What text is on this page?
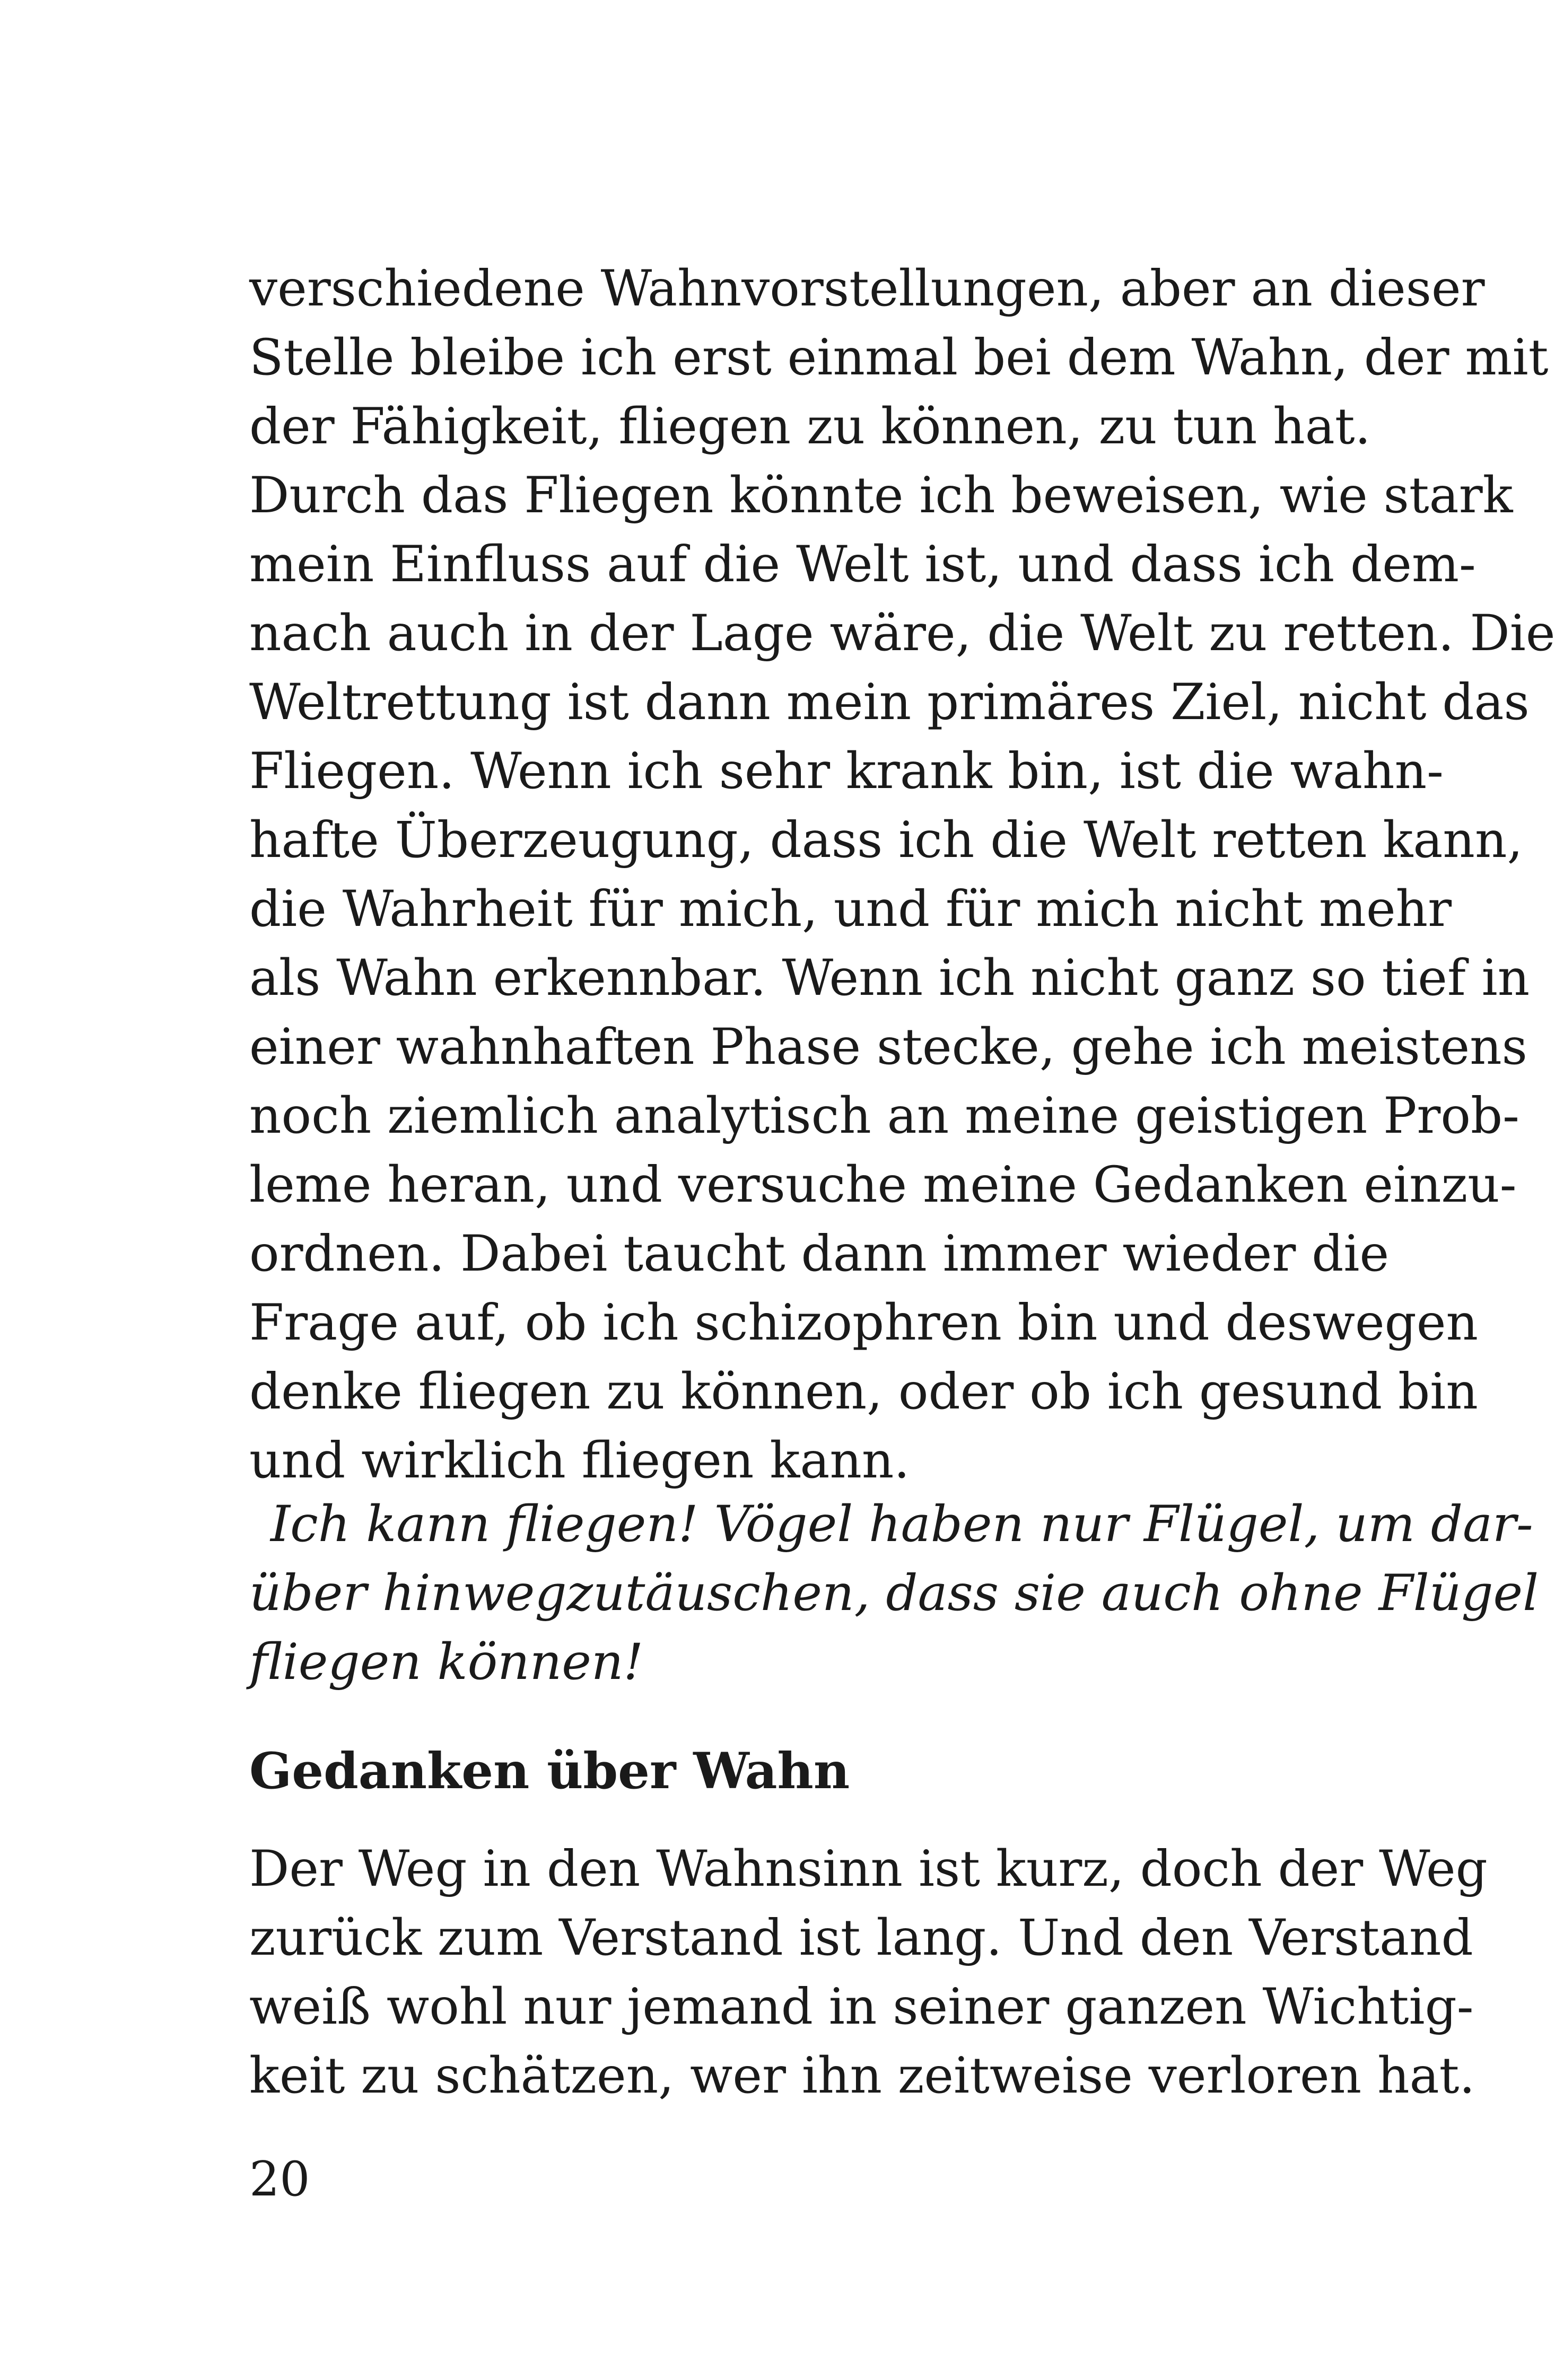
verschiedene Wahnvorstellungen, aber an dieser
Stelle bleibe ich erst einmal bei dem Wahn, der mit
der Fähigkeit, fliegen zu können, zu tun hat.
Durch das Fliegen könnte ich beweisen, wie stark
mein Einfluss auf die Welt ist, und dass ich dem-
nach auch in der Lage wäre, die Welt zu retten. Die
Weltrettung ist dann mein primäres Ziel, nicht das
Fliegen. Wenn ich sehr krank bin, ist die wahn-
hafte Überzeugung, dass ich die Welt retten kann,
die Wahrheit für mich, und für mich nicht mehr
als Wahn erkennbar. Wenn ich nicht ganz so tief in
einer wahnhaften Phase stecke, gehe ich meistens
noch ziemlich analytisch an meine geistigen Prob-
leme heran, und versuche meine Gedanken einzu-
ordnen. Dabei taucht dann immer wieder die
Frage auf, ob ich schizophren bin und deswegen
denke fliegen zu können, oder ob ich gesund bin
und wirklich fliegen kann.
Ich kann fliegen! Vögel haben nur Flügel, um dar-
über hinwegzutäuschen, dass sie auch ohne Flügel
fliegen können!
Gedanken über Wahn
Der Weg in den Wahnsinn ist kurz, doch der Weg
zurück zum Verstand ist lang. Und den Verstand
weiß wohl nur jemand in seiner ganzen Wichtig-
keit zu schätzen, wer ihn zeitweise verloren hat.
20
